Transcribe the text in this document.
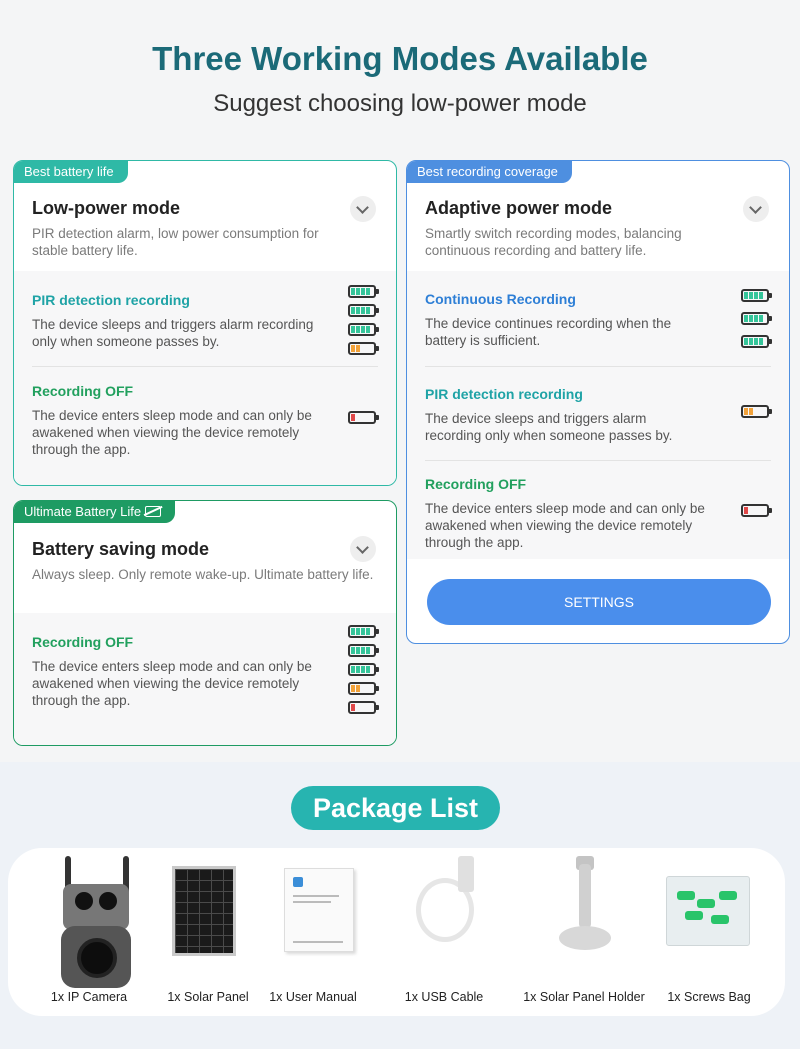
Three Working Modes Available
Suggest choosing low-power mode
Best battery life
Low-power mode
PIR detection alarm, low power consumption for stable battery life.
PIR detection recording
The device sleeps and triggers alarm recording only when someone passes by.
Recording OFF
The device enters sleep mode and can only be awakened when viewing the device remotely through the app.
Best recording coverage
Adaptive power mode
Smartly switch recording modes, balancing continuous recording and battery life.
Continuous Recording
The device continues recording when the battery is sufficient.
PIR detection recording
The device sleeps and triggers alarm recording only when someone passes by.
Recording OFF
The device enters sleep mode and can only be awakened when viewing the device remotely through the app.
SETTINGS
Ultimate Battery Life
Battery saving mode
Always sleep. Only remote wake-up. Ultimate battery life.
Recording OFF
The device enters sleep mode and can only be awakened when viewing the device remotely through the app.
Package List
1x IP Camera	1x Solar Panel 1x User Manual	1x USB Cable	1x Solar Panel Holder 1x Screws Bag
